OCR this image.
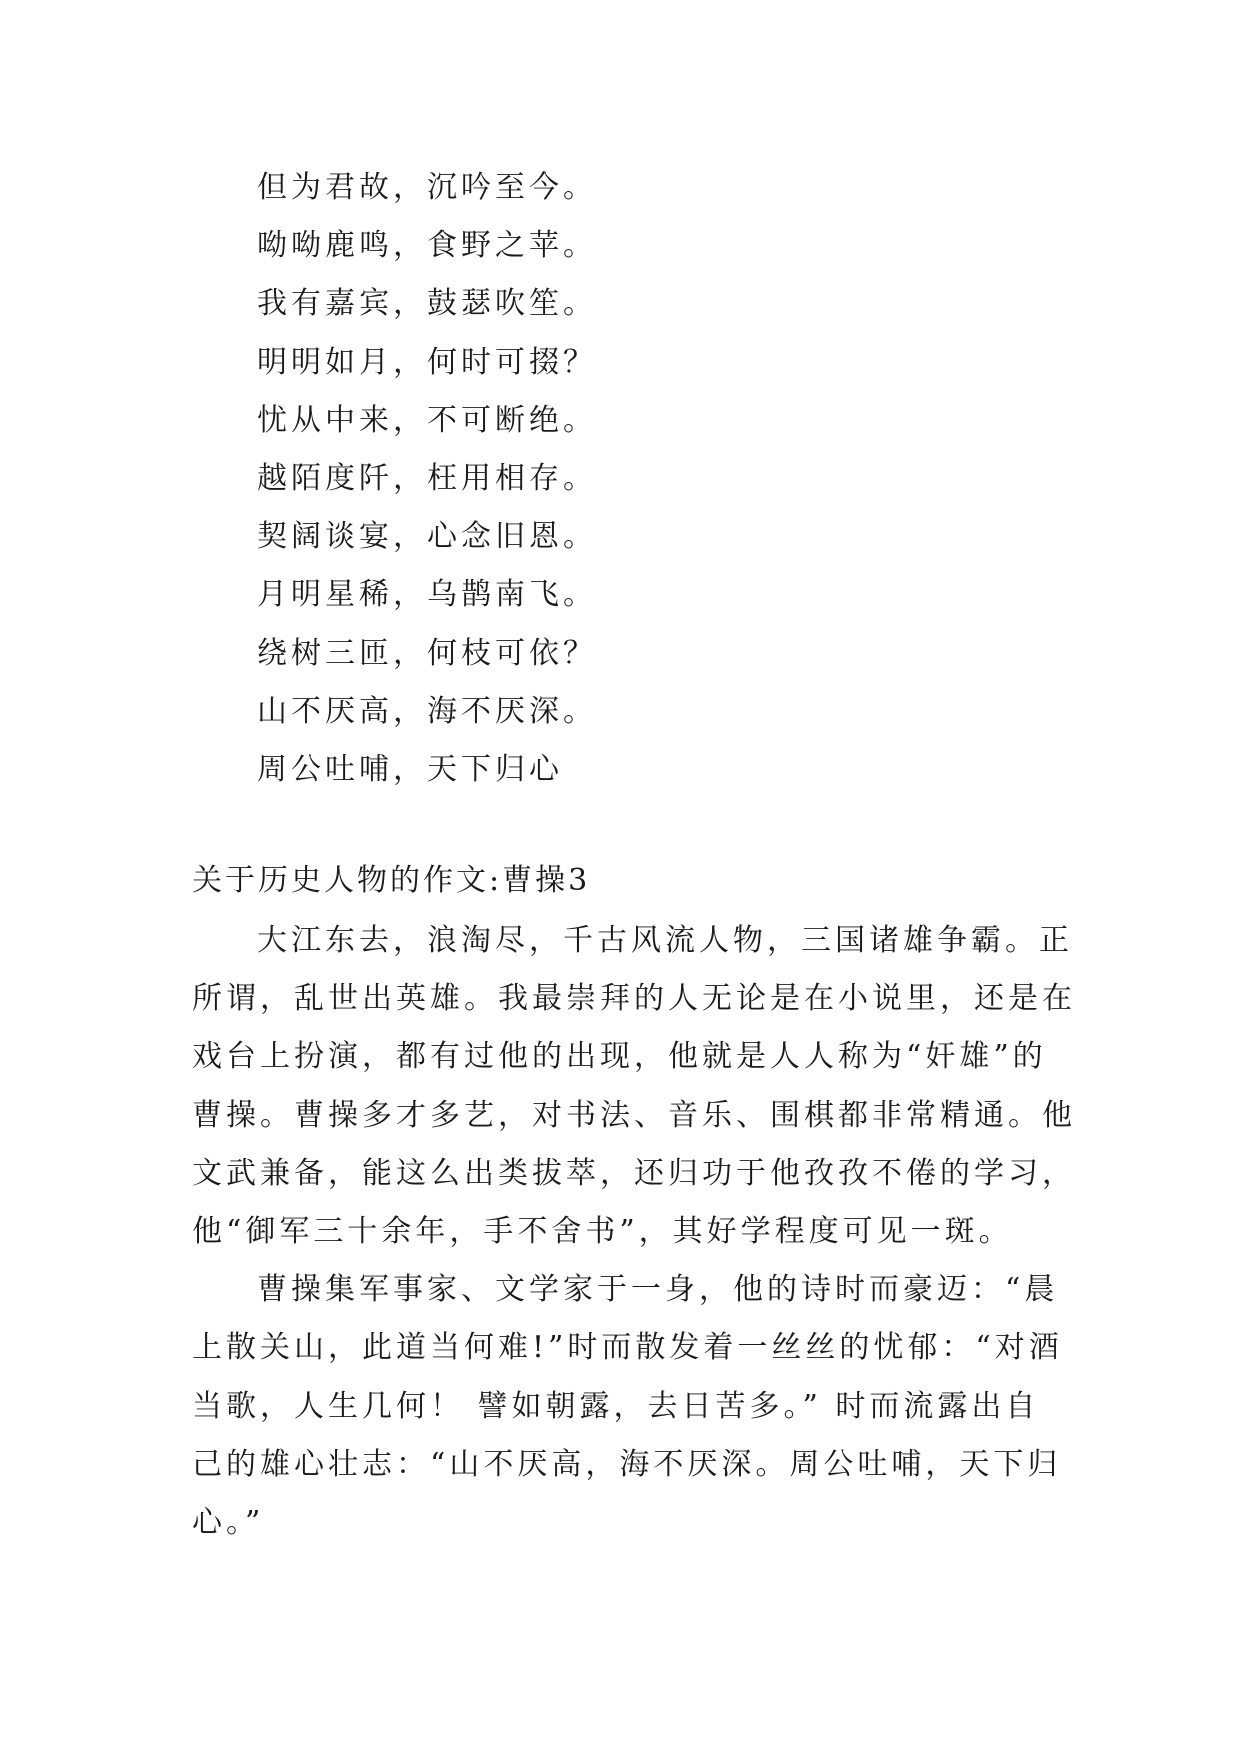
但为君故，沉吟至今。
呦呦鹿鸣，食野之苹。
我有嘉宾，鼓瑟吹笙。
明明如月，何时可掇？
忧从中来，不可断绝。
越陌度阡，枉用相存。
契阔谈宴，心念旧恩。
月明星稀，乌鹊南飞。
绕树三匝，何枝可依？
山不厌高，海不厌深。
周公吐哺，天下归心
关于历史人物的作文:曹操3

大江东去，浪淘尽，千古风流人物，三国诸雄争霸。正
所谓，乱世出英雄。我最崇拜的人无论是在小说里，还是在
戏台上扮演，都有过他的出现，他就是人人称为“奸雄”的
曹操。曹操多才多艺，对书法、音乐、围棋都非常精通。他
文武兼备，能这么出类拔萃，还归功于他孜孜不倦的学习，
他“御军三十余年，手不舍书”，其好学程度可见一斑。

曹操集军事家、文学家于一身，他的诗时而豪迈：“晨
上散关山，此道当何难!”时而散发着一丝丝的忧郁：“对酒
当歌，人生几何！ 譬如朝露，去日苦多。” 时而流露出自
己的雄心壮志：“山不厌高，海不厌深。周公吐哺，天下归
心。”
